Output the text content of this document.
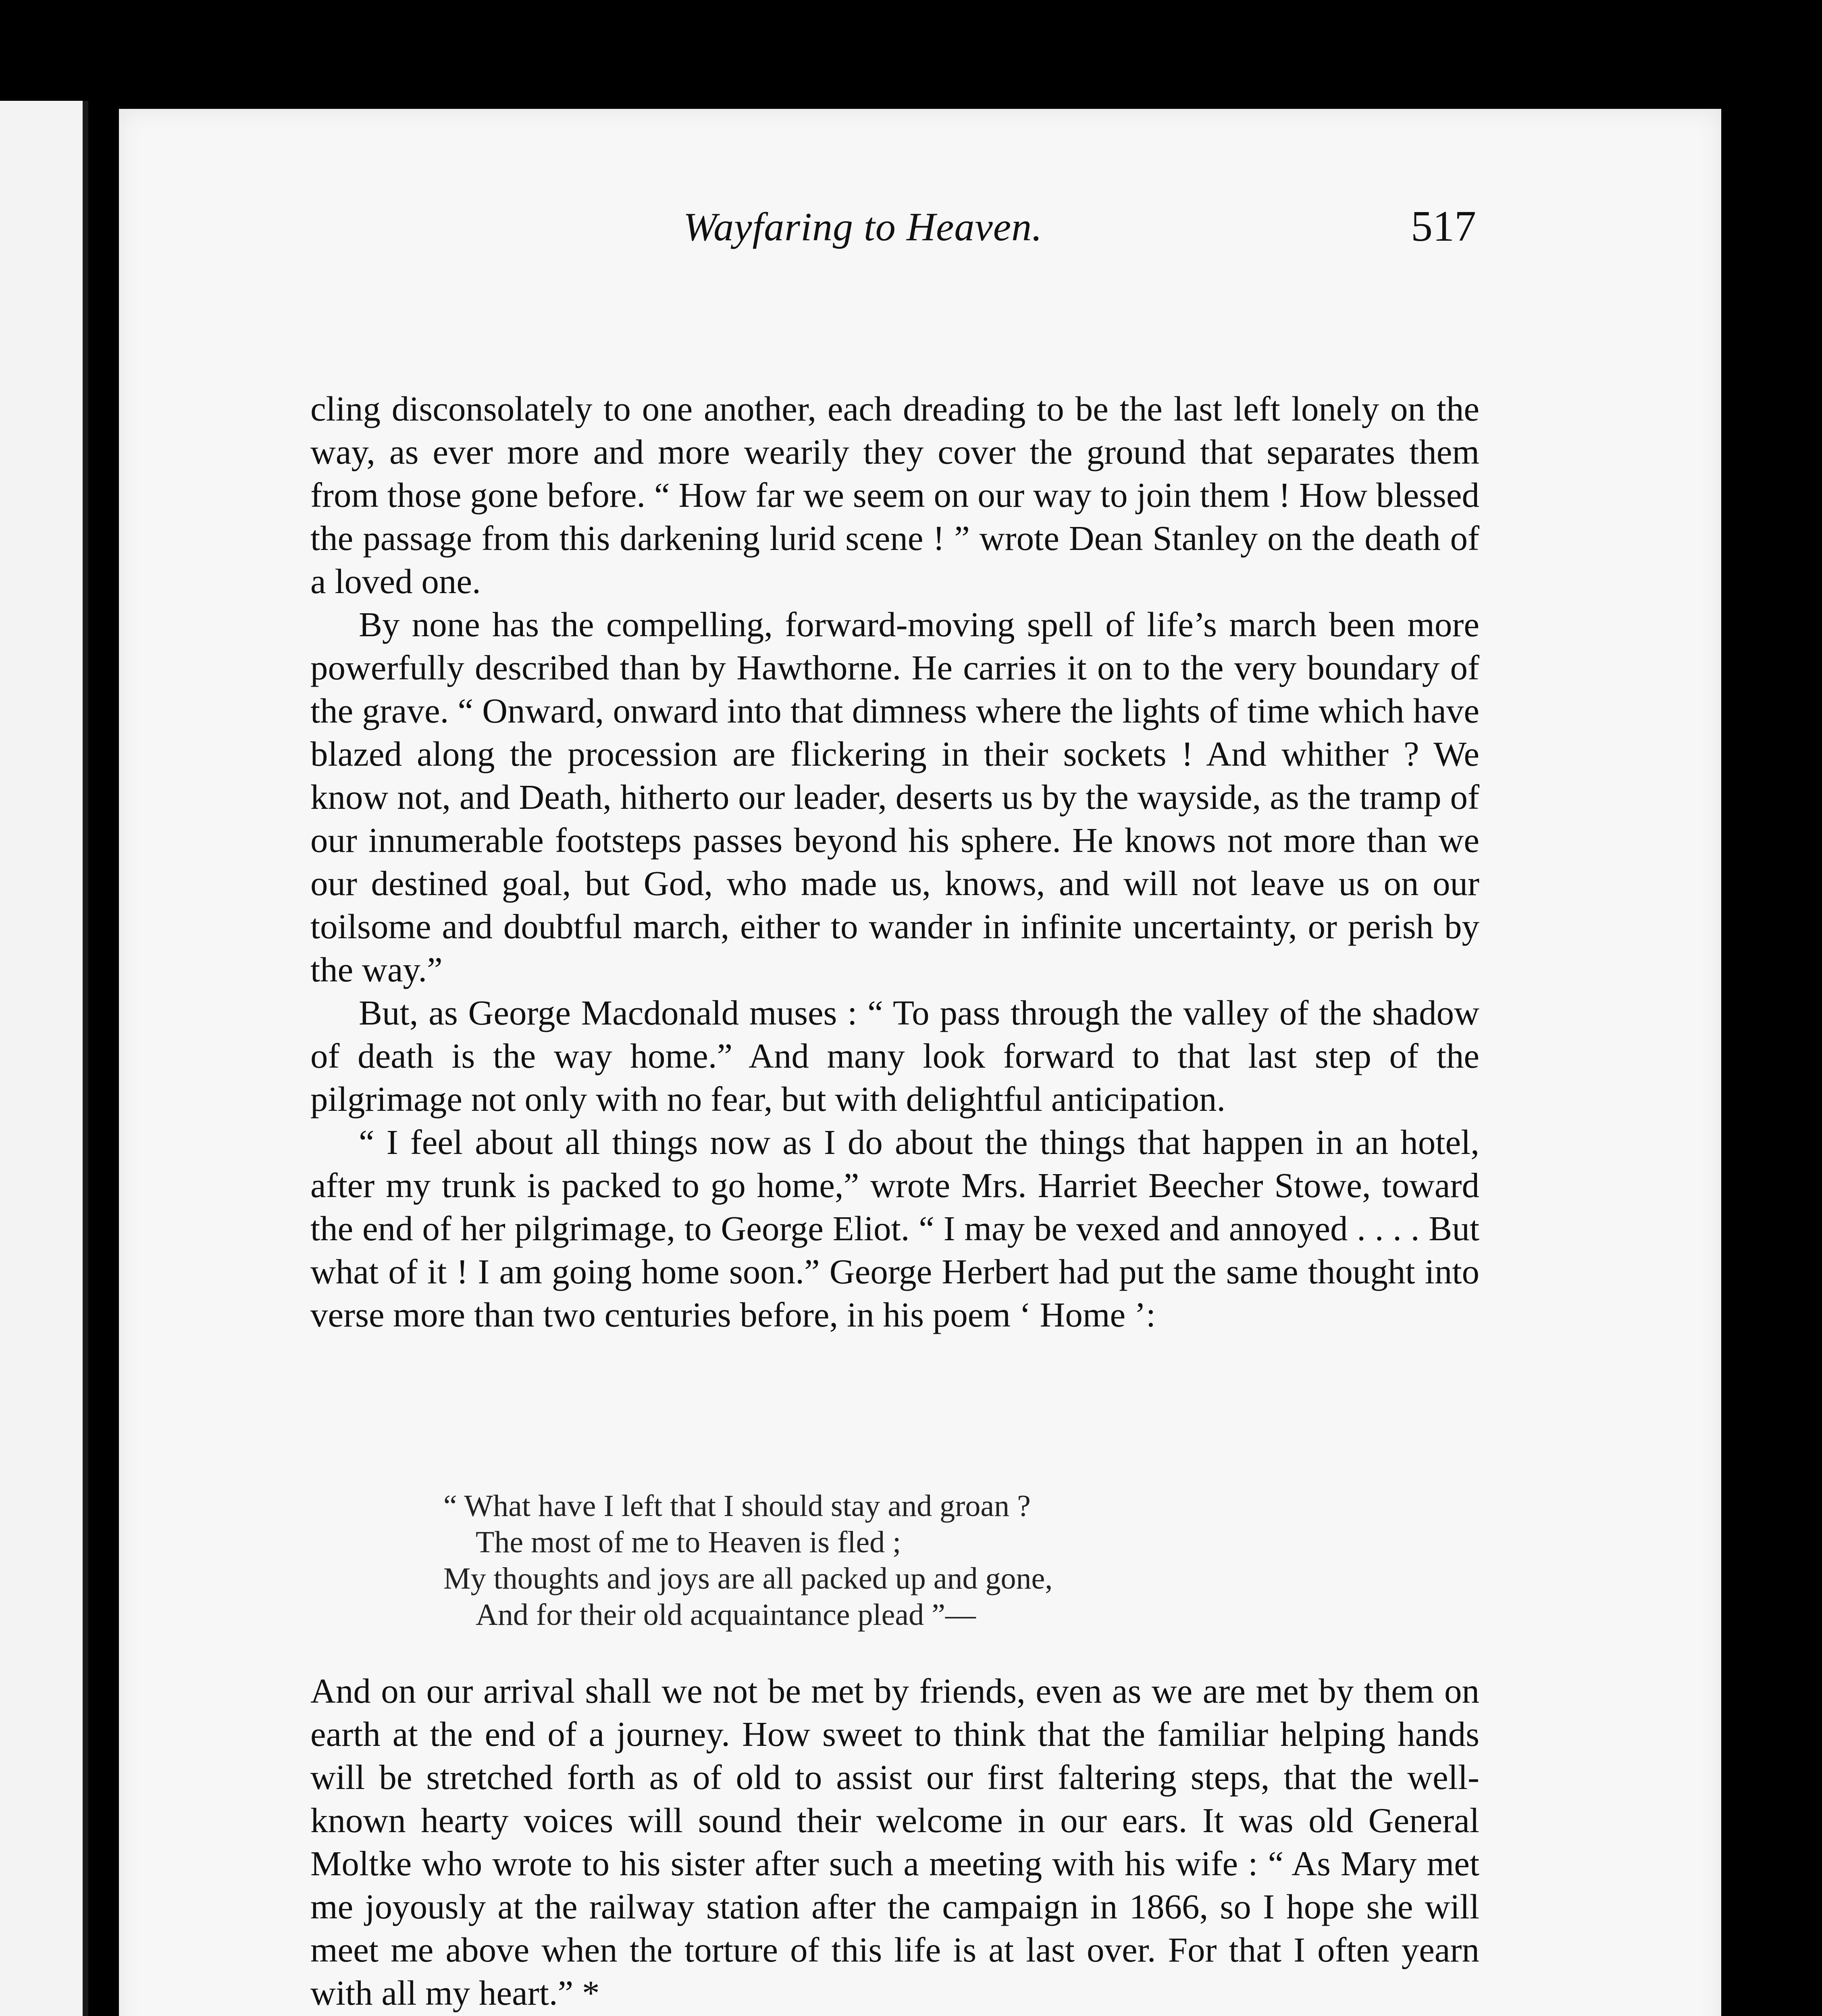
Wayfaring to Heaven.	517

cling disconsolately to one another, each dreading to be the last left lonely on the way, as ever more and more wearily they cover the ground that separates them from those gone before. “ How far we seem on our way to join them ! How blessed the passage from this darkening lurid scene ! ” wrote Dean Stanley on the death of a loved one.

By none has the compelling, forward-moving spell of life’s march been more powerfully described than by Hawthorne. He carries it on to the very boundary of the grave. “ Onward, onward into that dimness where the lights of time which have blazed along the procession are flickering in their sockets ! And whither ? We know not, and Death, hitherto our leader, deserts us by the wayside, as the tramp of our innumerable footsteps passes beyond his sphere. He knows not more than we our destined goal, but God, who made us, knows, and will not leave us on our toilsome and doubtful march, either to wander in infinite uncertainty, or perish by the way.”

But, as George Macdonald muses : “ To pass through the valley of the shadow of death is the way home.” And many look forward to that last step of the pilgrimage not only with no fear, but with delightful anticipation.

“ I feel about all things now as I do about the things that happen in an hotel, after my trunk is packed to go home,” wrote Mrs. Harriet Beecher Stowe, toward the end of her pilgrimage, to George Eliot. “ I may be vexed and annoyed . . . . But what of it ! I am going home soon.” George Herbert had put the same thought into verse more than two centuries before, in his poem ‘ Home ’:

“ What have I left that I should stay and groan ?
The most of me to Heaven is fled ;
My thoughts and joys are all packed up and gone,
And for their old acquaintance plead ”—

And on our arrival shall we not be met by friends, even as we are met by them on earth at the end of a journey. How sweet to think that the familiar helping hands will be stretched forth as of old to assist our first faltering steps, that the well-known hearty voices will sound their welcome in our ears. It was old General Moltke who wrote to his sister after such a meeting with his wife : “ As Mary met me joyously at the railway station after the campaign in 1866, so I hope she will meet me above when the torture of this life is at last over. For that I often yearn with all my heart.” *
